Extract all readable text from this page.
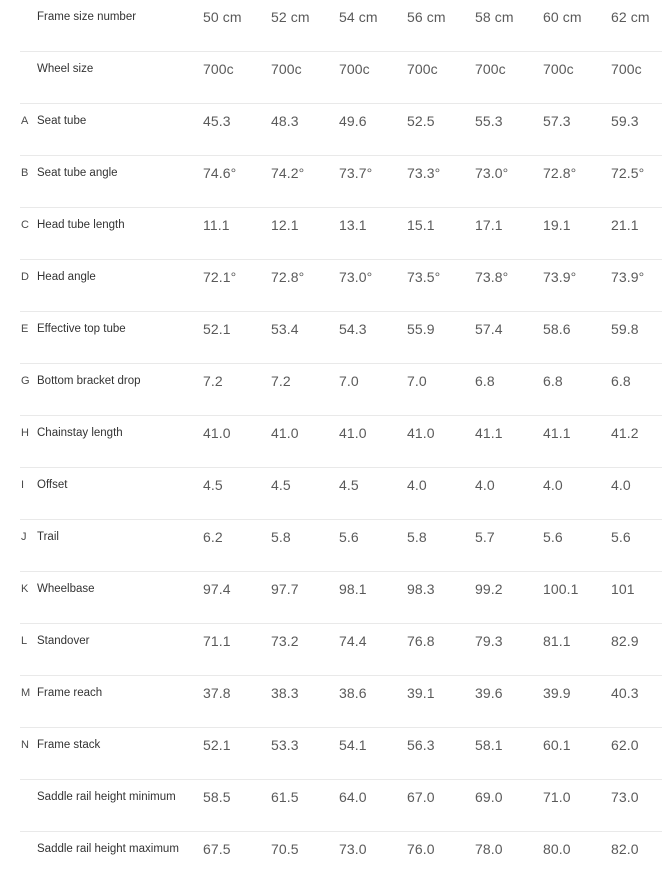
Frame size number	50 cm 52 cm 54 cm 56 cm 58 cm 60 cm 62 cm
Wheel size	700c	700c	700c	700c	700c	700c	700c
A Seat tube	45.3	48.3	49.6	52.5	55.3	57.3	59.3
B Seat tube angle	74.6° 74.2° 73.7° 73.3° 73.0° 72.8° 72.5°
C Head tube length	11.1	12.1	13.1	15.1	17.1	19.1	21.1
D Head angle	72.1° 72.8° 73.0° 73.5° 73.8° 73.9° 73.9°
E Effective top tube	52.1	53.4	54.3	55.9	57.4	58.6	59.8
G Bottom bracket drop	7.2	7.2	7.0	7.0	6.8	6.8	6.8
H Chainstay length	41.0	41.0	41.0	41.0	41.1	41.1	41.2
I Offset	4.5	4.5	4.5	4.0	4.0	4.0	4.0
J Trail	6.2	5.8	5.6	5.8	5.7	5.6	5.6
K Wheelbase	97.4	97.7	98.1	98.3	99.2	100.1 101
L Standover	71.1	73.2	74.4	76.8	79.3	81.1	82.9
M Frame reach	37.8	38.3	38.6	39.1	39.6	39.9	40.3
N Frame stack	52.1	53.3	54.1	56.3	58.1	60.1	62.0
Saddle rail height minimum 58.5	61.5	64.0	67.0	69.0	71.0	73.0
Saddle rail height maximum 67.5	70.5	73.0	76.0	78.0	80.0	82.0
